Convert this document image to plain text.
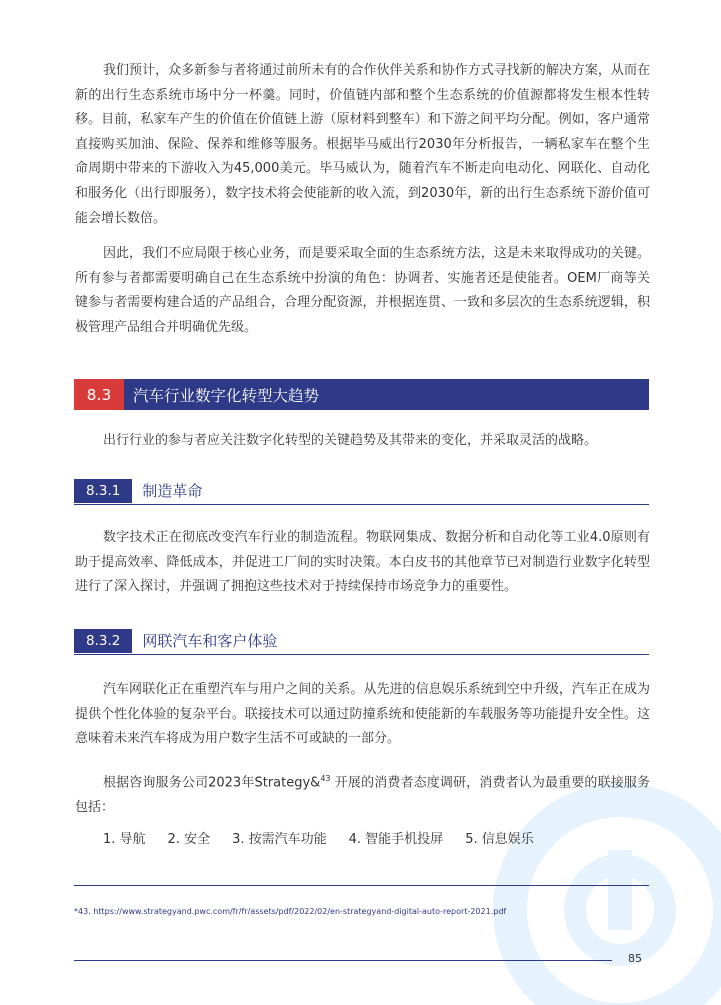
我们预计，众多新参与者将通过前所未有的合作伙伴关系和协作方式寻找新的解决方案，从而在新的出行生态系统市场中分一杯羹。同时，价值链内部和整个生态系统的价值源都将发生根本性转移。目前，私家车产生的价值在价值链上游（原材料到整车）和下游之间平均分配。例如，客户通常直接购买加油、保险、保养和维修等服务。根据毕马威出行2030年分析报告，一辆私家车在整个生命周期中带来的下游收入为45,000美元。毕马威认为，随着汽车不断走向电动化、网联化、自动化和服务化（出行即服务），数字技术将会使能新的收入流，到2030年，新的出行生态系统下游价值可能会增长数倍。

因此，我们不应局限于核心业务，而是要采取全面的生态系统方法，这是未来取得成功的关键。所有参与者都需要明确自己在生态系统中扮演的角色：协调者、实施者还是使能者。OEM厂商等关键参与者需要构建合适的产品组合，合理分配资源，并根据连贯、一致和多层次的生态系统逻辑，积极管理产品组合并明确优先级。

8.3	汽车行业数字化转型大趋势

出行行业的参与者应关注数字化转型的关键趋势及其带来的变化，并采取灵活的战略。

8.3.1	制造革命

数字技术正在彻底改变汽车行业的制造流程。物联网集成、数据分析和自动化等工业4.0原则有助于提高效率、降低成本，并促进工厂间的实时决策。本白皮书的其他章节已对制造行业数字化转型进行了深入探讨，并强调了拥抱这些技术对于持续保持市场竞争力的重要性。

8.3.2	网联汽车和客户体验

汽车网联化正在重塑汽车与用户之间的关系。从先进的信息娱乐系统到空中升级，汽车正在成为提供个性化体验的复杂平台。联接技术可以通过防撞系统和使能新的车载服务等功能提升安全性。这意味着未来汽车将成为用户数字生活不可或缺的一部分。

根据咨询服务公司2023年Strategy&$^{43}$ 开展的消费者态度调研，消费者认为最重要的联接服务包括：

1. 导航 2. 安全 3. 按需汽车功能 4. 智能手机投屏 5. 信息娱乐
*43. https://www.strategyand.pwc.com/fr/fr/assets/pdf/2022/02/en-strategyand-digital-auto-report-2021.pdf
85
